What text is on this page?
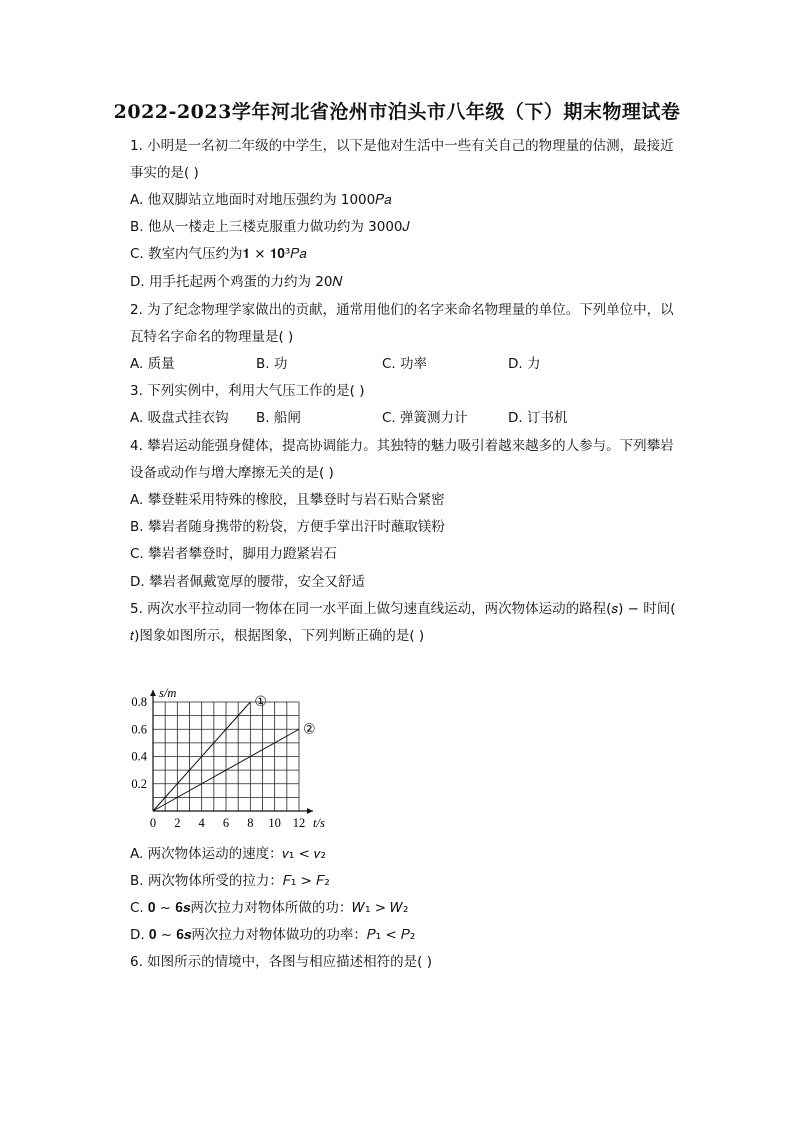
2022-2023学年河北省沧州市泊头市八年级（下）期末物理试卷
1. 小明是一名初二年级的中学生，以下是他对生活中一些有关自己的物理量的估测，最接近
事实的是( )
A. 他双脚站立地面时对地压强约为 1000𝑃𝑎
B. 他从一楼走上三楼克服重力做功约为 3000𝐽
C. 教室内气压约为𝟏 × 𝟏𝟎³𝑃𝑎
D. 用手托起两个鸡蛋的力约为 20𝑁
2. 为了纪念物理学家做出的贡献，通常用他们的名字来命名物理量的单位。下列单位中，以
瓦特名字命名的物理量是( )
A. 质量	B. 功	C. 功率	D. 力
3. 下列实例中，利用大气压工作的是( )
A. 吸盘式挂衣钩 B. 船闸	C. 弹簧测力计	D. 订书机
4. 攀岩运动能强身健体，提高协调能力。其独特的魅力吸引着越来越多的人参与。下列攀岩
设备或动作与增大摩擦无关的是( )
A. 攀登鞋采用特殊的橡胶，且攀登时与岩石贴合紧密
B. 攀岩者随身携带的粉袋，方便手掌出汗时蘸取镁粉
C. 攀岩者攀登时，脚用力蹬紧岩石
D. 攀岩者佩戴宽厚的腰带，安全又舒适
5. 两次水平拉动同一物体在同一水平面上做匀速直线运动，两次物体运动的路程(𝑠) − 时间(
𝑡)图象如图所示，根据图象，下列判断正确的是( )
①
②
0 2 4 6 8 10 12
0.2
0.4
0.6
0.8
t/s
s/m
A. 两次物体运动的速度：𝑣₁ < 𝑣₂
B. 两次物体所受的拉力：𝐹₁ > 𝐹₂
C. 𝟎 ~ 𝟔𝒔两次拉力对物体所做的功：𝑊₁ > 𝑊₂
D. 𝟎 ~ 𝟔𝒔两次拉力对物体做功的功率：𝑃₁ < 𝑃₂
6. 如图所示的情境中，各图与相应描述相符的是( )
